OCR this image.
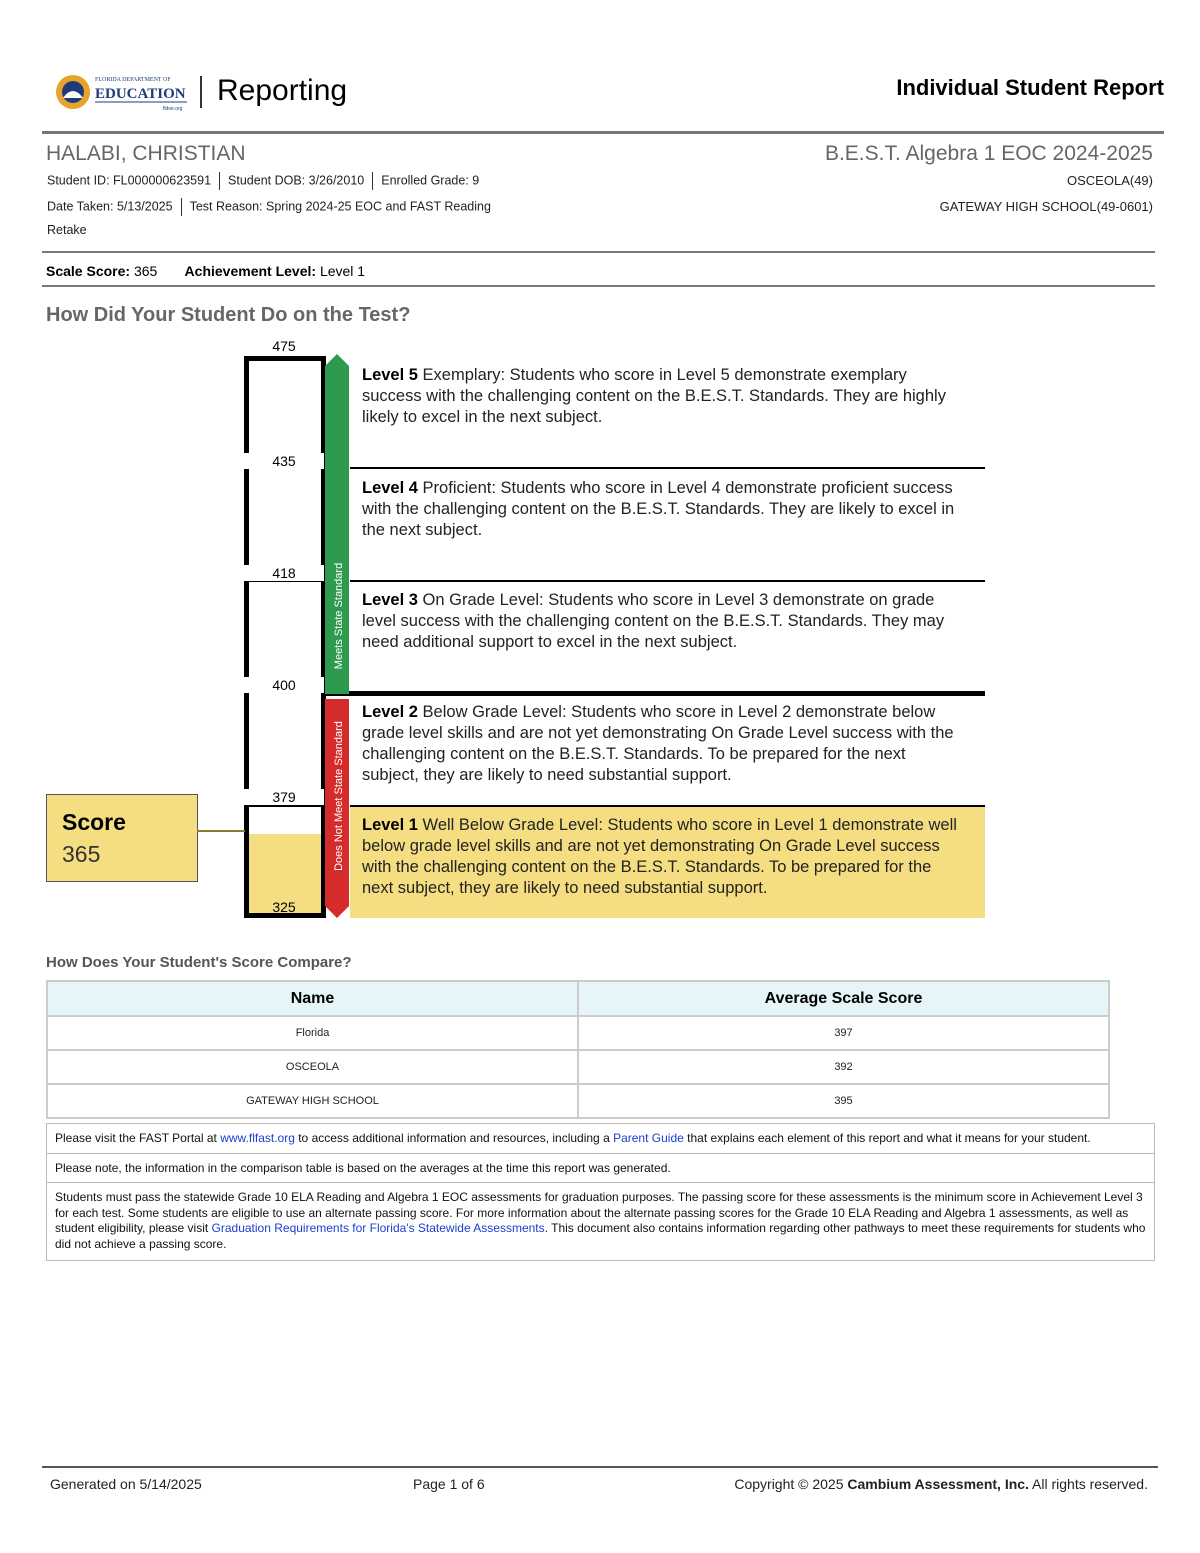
FLORIDA DEPARTMENT OF
EDUCATION
fldoe.org
Reporting	Individual Student Report
HALABI, CHRISTIAN	B.E.S.T. Algebra 1 EOC 2024-2025
Student ID: FL000000623591 Student DOB: 3/26/2010 Enrolled Grade: 9
Date Taken: 5/13/2025 Test Reason: Spring 2024-25 EOC and FAST Reading
Retake
OSCEOLA(49)
GATEWAY HIGH SCHOOL(49-0601)
Scale Score: 365 Achievement Level: Level 1
How Did Your Student Do on the Test?
475
435
418
400
379
325
Meets State Standard
Does Not Meet State Standard
Level 5 Exemplary: Students who score in Level 5 demonstrate exemplary success with the challenging content on the B.E.S.T. Standards. They are highly likely to excel in the next subject.
Level 4 Proficient: Students who score in Level 4 demonstrate proficient success with the challenging content on the B.E.S.T. Standards. They are likely to excel in the next subject.
Level 3 On Grade Level: Students who score in Level 3 demonstrate on grade level success with the challenging content on the B.E.S.T. Standards. They may need additional support to excel in the next subject.
Level 2 Below Grade Level: Students who score in Level 2 demonstrate below grade level skills and are not yet demonstrating On Grade Level success with the challenging content on the B.E.S.T. Standards. To be prepared for the next subject, they are likely to need substantial support.
Level 1 Well Below Grade Level: Students who score in Level 1 demonstrate well below grade level skills and are not yet demonstrating On Grade Level success with the challenging content on the B.E.S.T. Standards. To be prepared for the next subject, they are likely to need substantial support.
Score
365
How Does Your Student's Score Compare?
Name	Average Scale Score
Florida	397
OSCEOLA	392
GATEWAY HIGH SCHOOL	395
Please visit the FAST Portal at www.flfast.org to access additional information and resources, including a Parent Guide that explains each element of this report and what it means for your student.
Please note, the information in the comparison table is based on the averages at the time this report was generated.
Students must pass the statewide Grade 10 ELA Reading and Algebra 1 EOC assessments for graduation purposes. The passing score for these assessments is the minimum score in Achievement Level 3 for each test. Some students are eligible to use an alternate passing score. For more information about the alternate passing scores for the Grade 10 ELA Reading and Algebra 1 assessments, as well as student eligibility, please visit Graduation Requirements for Florida's Statewide Assessments. This document also contains information regarding other pathways to meet these requirements for students who did not achieve a passing score.
Generated on 5/14/2025	Page 1 of 6	Copyright © 2025 Cambium Assessment, Inc. All rights reserved.
